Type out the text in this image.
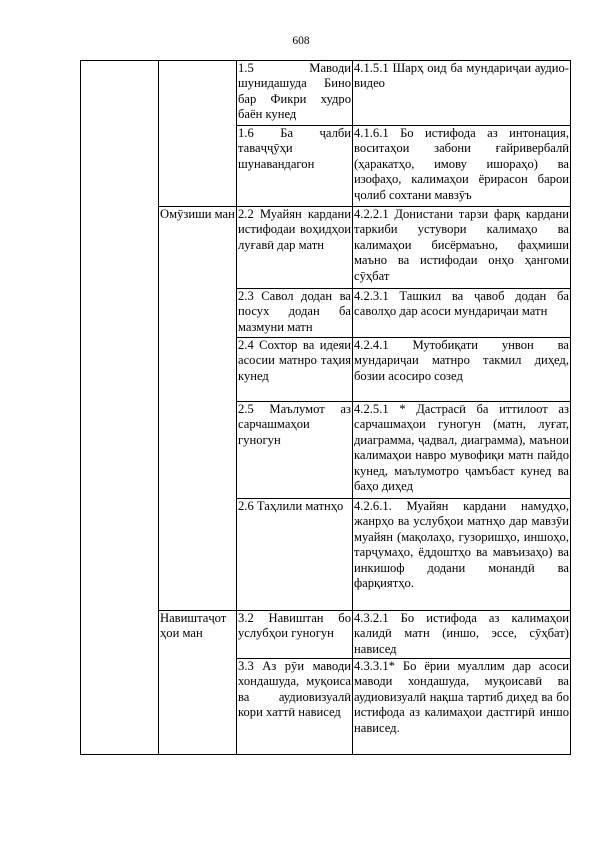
608

		1.5 Маводи шунидашуда Бино бар Фикри худро баён кунед	4.1.5.1 Шарҳ оид ба мундариҷаи аудио-видео

		1.6 Ба ҷалби таваҷҷӯҳи шунавандагон	4.1.6.1 Бо истифода аз интонация, воситаҳои забони ғайривербалӣ (ҳаракатҳо, имову ишораҳо) ва изофаҳо, калимаҳои ёрирасон барои ҷолиб сохтани мавзӯъ

	Омӯзиши ман	2.2 Муайян кардани истифодаи воҳидҳои луғавӣ дар матн	4.2.2.1 Донистани тарзи фарқ кардани таркиби устувори калимаҳо ва калимаҳои бисёрмаъно, фаҳмиши маъно ва истифодаи онҳо ҳангоми сӯҳбат

		2.3 Савол додан ва посух додан ба мазмуни матн	4.2.3.1 Ташкил ва ҷавоб додан ба саволҳо дар асоси мундариҷаи матн

		2.4 Сохтор ва идеяи асосии матнро таҳия кунед	4.2.4.1 Мутобиқати унвон ва мундариҷаи матнро такмил диҳед, бозии асосиро созед

		2.5 Маълумот аз сарчашмаҳои гуногун	4.2.5.1 * Дастрасӣ ба иттилоот аз сарчашмаҳои гуногун (матн, луғат, диаграмма, ҷадвал, диаграмма), маънои калимаҳои навро мувофиқи матн пайдо кунед, маълумотро ҷамъбаст кунед ва баҳо диҳед

		2.6 Таҳлили матнҳо	4.2.6.1. Муайян кардани намудҳо, жанрҳо ва услубҳои матнҳо дар мавзӯи муайян (мақолаҳо, гузоришҳо, иншоҳо, тарҷумаҳо, ёддоштҳо ва мавъизаҳо) ва инкишоф додани монандӣ ва фарқиятҳо.

	Навиштаҷот ҳои ман	3.2 Навиштан бо услубҳои гуногун	4.3.2.1 Бо истифода аз калимаҳои калидӣ матн (иншо, эссе, сӯҳбат) нависед

		3.3 Аз рӯи маводи хондашуда, муқоиса ва аудиовизуалӣ кори хаттӣ нависед	4.3.3.1* Бо ёрии муаллим дар асоси маводи хондашуда, муқоисавӣ ва аудиовизуалӣ нақша тартиб диҳед ва бо истифода аз калимаҳои дастгирӣ иншо нависед.
